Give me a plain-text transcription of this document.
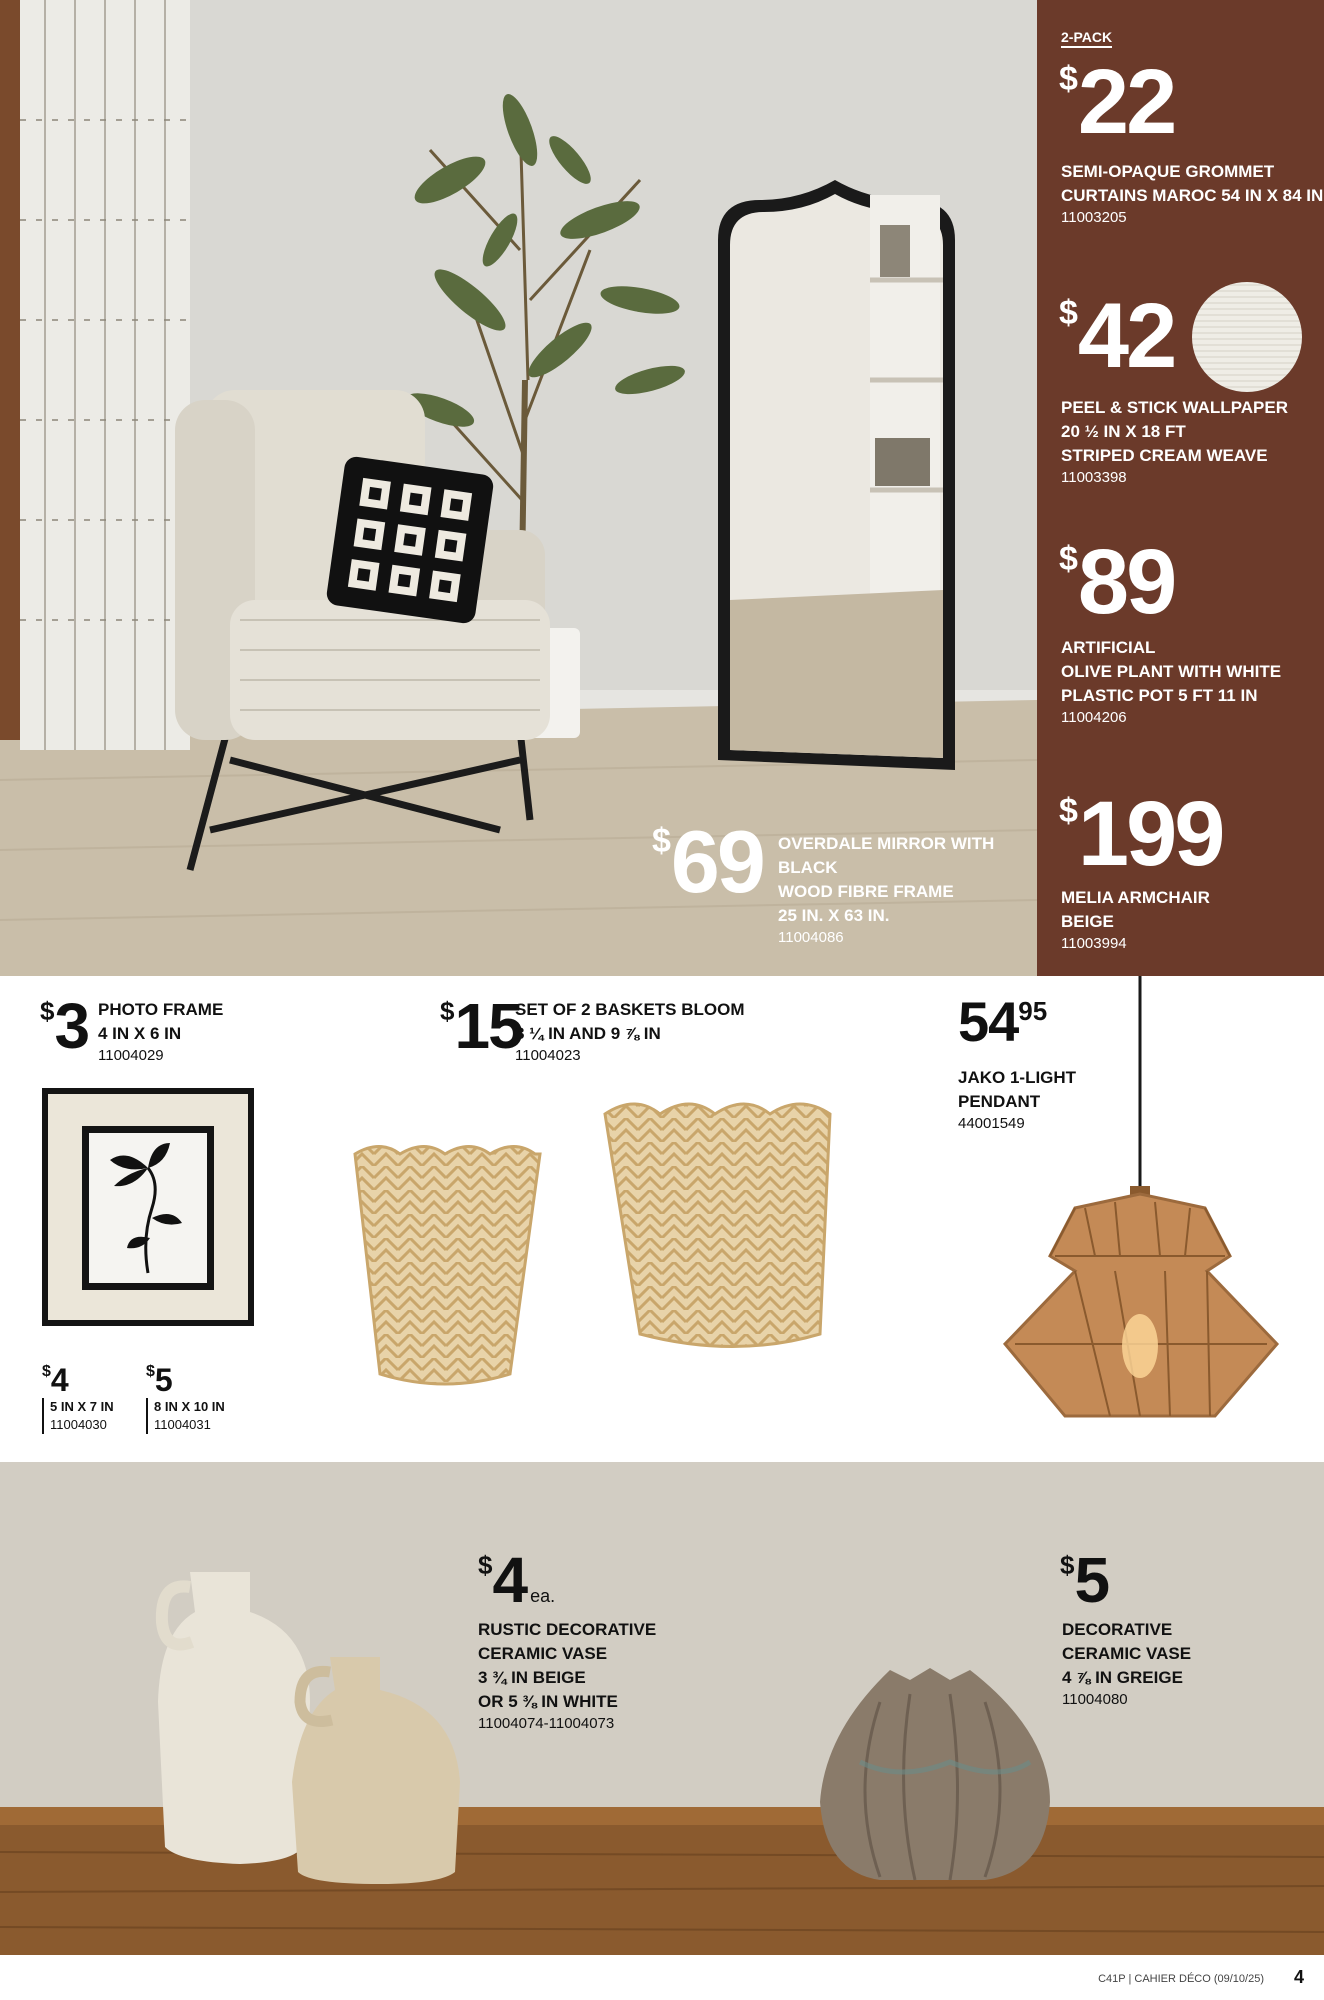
$69 OVERDALE MIRROR WITH BLACK
WOOD FIBRE FRAME
25 IN. X 63 IN.
11004086
2-PACK
$22
SEMI-OPAQUE GROMMET
CURTAINS MAROC 54 IN X 84 IN
11003205
$42
PEEL & STICK WALLPAPER
20 ½ IN X 18 FT
STRIPED CREAM WEAVE
11003398
$89
ARTIFICIAL
OLIVE PLANT WITH WHITE
PLASTIC POT 5 FT 11 IN
11004206
$199
MELIA ARMCHAIR
BEIGE
11003994
$3 PHOTO FRAME
4 IN X 6 IN
11004029
$4
5 IN X 7 IN
11004030
$5
8 IN X 10 IN
11004031
$15
SET OF 2 BASKETS BLOOM
8 ¼ IN AND 9 ⅞ IN
11004023
5495
JAKO 1-LIGHT
PENDANT
44001549
$4 ea.
RUSTIC DECORATIVE
CERAMIC VASE
3 ¾ IN BEIGE
OR 5 ⅜ IN WHITE
11004074-11004073
$5
DECORATIVE
CERAMIC VASE
4 ⅞ IN GREIGE
11004080
C41P | CAHIER DÉCO (09/10/25) 4
